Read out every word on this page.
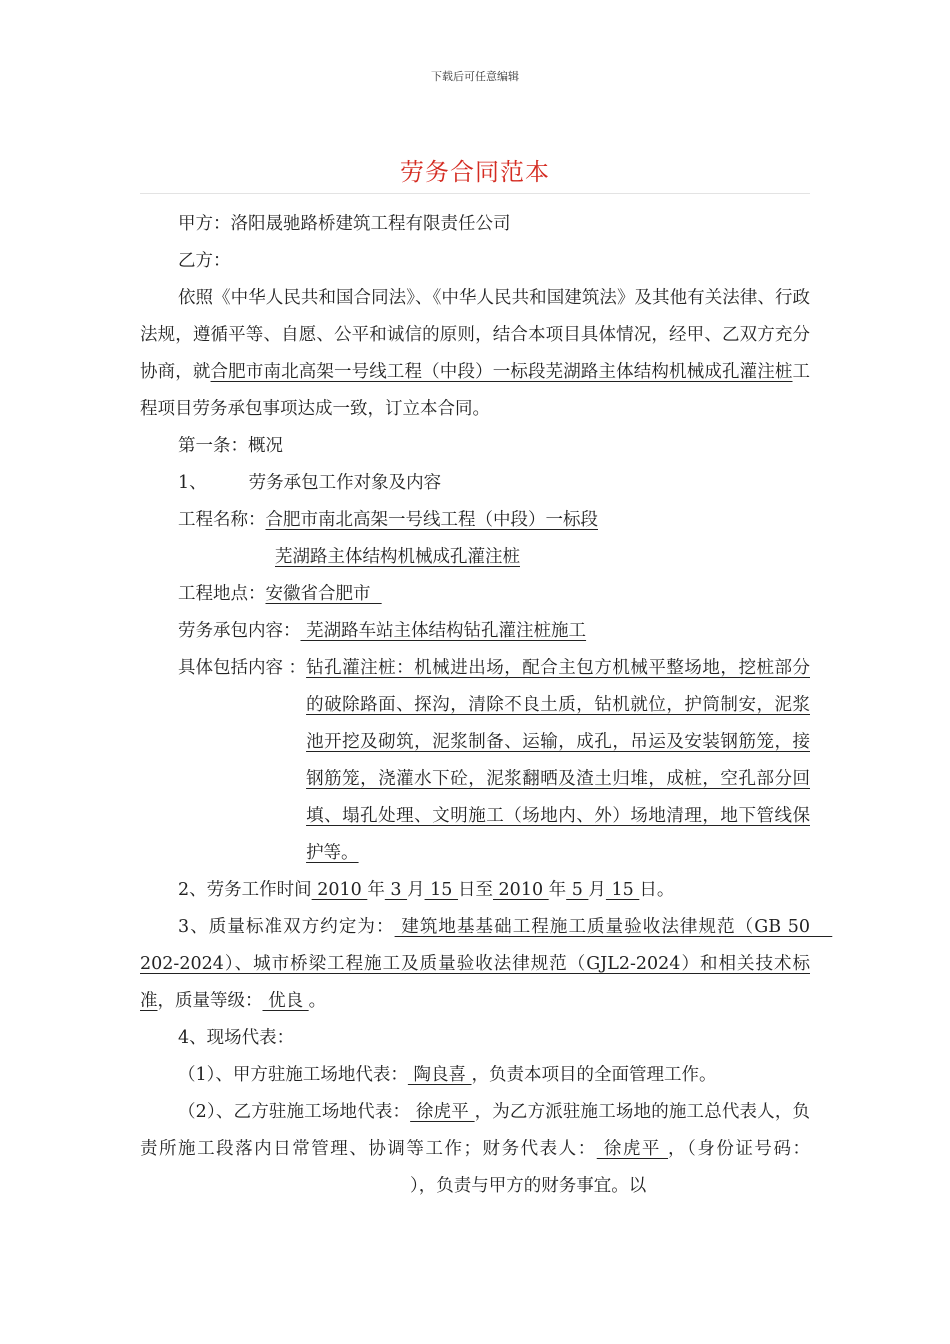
下载后可任意编辑
劳务合同范本

甲方：洛阳晟驰路桥建筑工程有限责任公司

乙方：

依照《中华人民共和国合同法》、《中华人民共和国建筑法》及其他有关法律、行政法规，遵循平等、自愿、公平和诚信的原则，结合本项目具体情况，经甲、乙双方充分协商，就合肥市南北高架一号线工程（中段）一标段芜湖路主体结构机械成孔灌注桩工程项目劳务承包事项达成一致，订立本合同。

第一条：概况

1、 劳务承包工作对象及内容

工程名称：合肥市南北高架一号线工程（中段）一标段

芜湖路主体结构机械成孔灌注桩

工程地点：安徽省合肥市

劳务承包内容： 芜湖路车站主体结构钻孔灌注桩施工

具体包括内容 ： 钻孔灌注桩：机械进出场，配合主包方机械平整场地，挖桩部分的破除路面、探沟，清除不良土质，钻机就位，护筒制安，泥浆池开挖及砌筑，泥浆制备、运输，成孔，吊运及安装钢筋笼，接钢筋笼，浇灌水下砼，泥浆翻晒及渣土归堆，成桩，空孔部分回填、塌孔处理、文明施工（场地内、外）场地清理，地下管线保护等。

2、劳务工作时间 2010 年 3 月 15 日至 2010 年 5 月 15 日。

3、质量标准双方约定为： 建筑地基基础工程施工质量验收法律规范（GB 50    202-2024）、城市桥梁工程施工及质量验收法律规范（GJL2-2024）和相关技术标准，质量等级： 优良 。

4、现场代表：

（1）、甲方驻施工场地代表： 陶良喜 ，负责本项目的全面管理工作。

（2）、乙方驻施工场地代表： 徐虎平 ，为乙方派驻施工场地的施工总代表人，负责所施工段落内日常管理、协调等工作；财务代表人： 徐虎平 ，（身份证号码：），负责与甲方的财务事宜。以
